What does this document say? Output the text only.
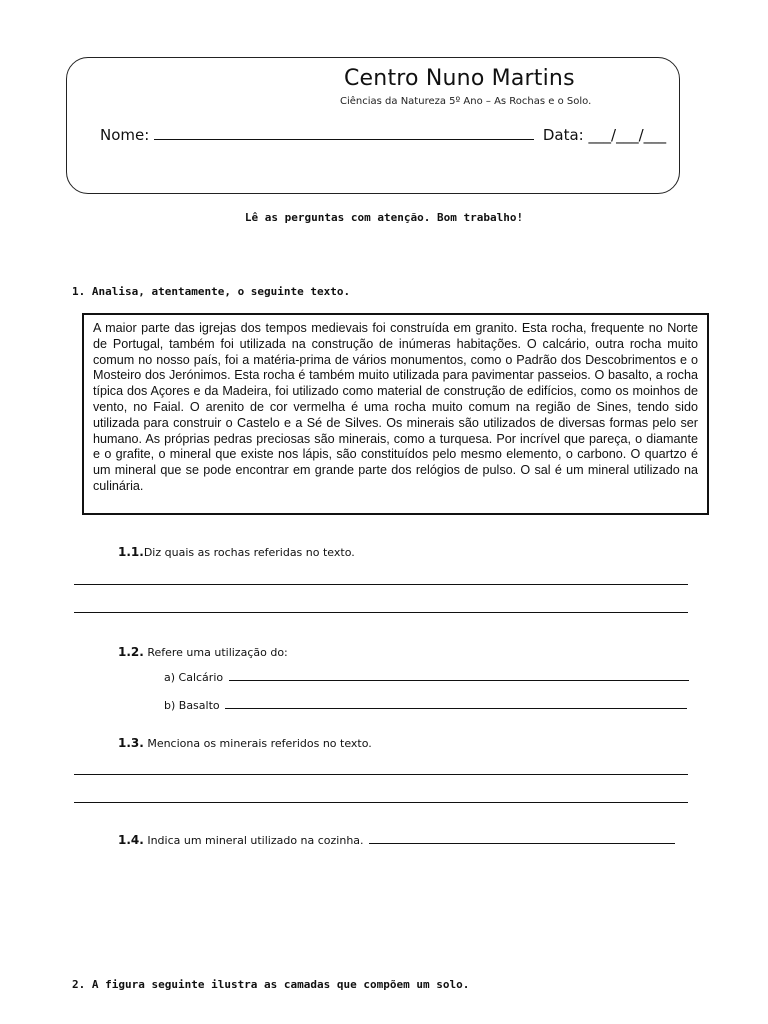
Centro Nuno Martins
Ciências da Natureza 5º Ano – As Rochas e o Solo.
Nome:	Data: ___/___/___
Lê as perguntas com atenção. Bom trabalho!
1. Analisa, atentamente, o seguinte texto.
A maior parte das igrejas dos tempos medievais foi construída em granito. Esta rocha, frequente no Norte de Portugal, também foi utilizada na construção de inúmeras habitações. O calcário, outra rocha muito comum no nosso país, foi a matéria-prima de vários monumentos, como o Padrão dos Descobrimentos e o Mosteiro dos Jerónimos. Esta rocha é também muito utilizada para pavimentar passeios. O basalto, a rocha típica dos Açores e da Madeira, foi utilizado como material de construção de edifícios, como os moinhos de vento, no Faial. O arenito de cor vermelha é uma rocha muito comum na região de Sines, tendo sido utilizada para construir o Castelo e a Sé de Silves. Os minerais são utilizados de diversas formas pelo ser humano. As próprias pedras preciosas são minerais, como a turquesa. Por incrível que pareça, o diamante e o grafite, o mineral que existe nos lápis, são constituídos pelo mesmo elemento, o carbono. O quartzo é um mineral que se pode encontrar em grande parte dos relógios de pulso. O sal é um mineral utilizado na culinária.
1.1.Diz quais as rochas referidas no texto.
1.2. Refere uma utilização do:
a) Calcário
b) Basalto
1.3. Menciona os minerais referidos no texto.
1.4. Indica um mineral utilizado na cozinha.
2. A figura seguinte ilustra as camadas que compõem um solo.
